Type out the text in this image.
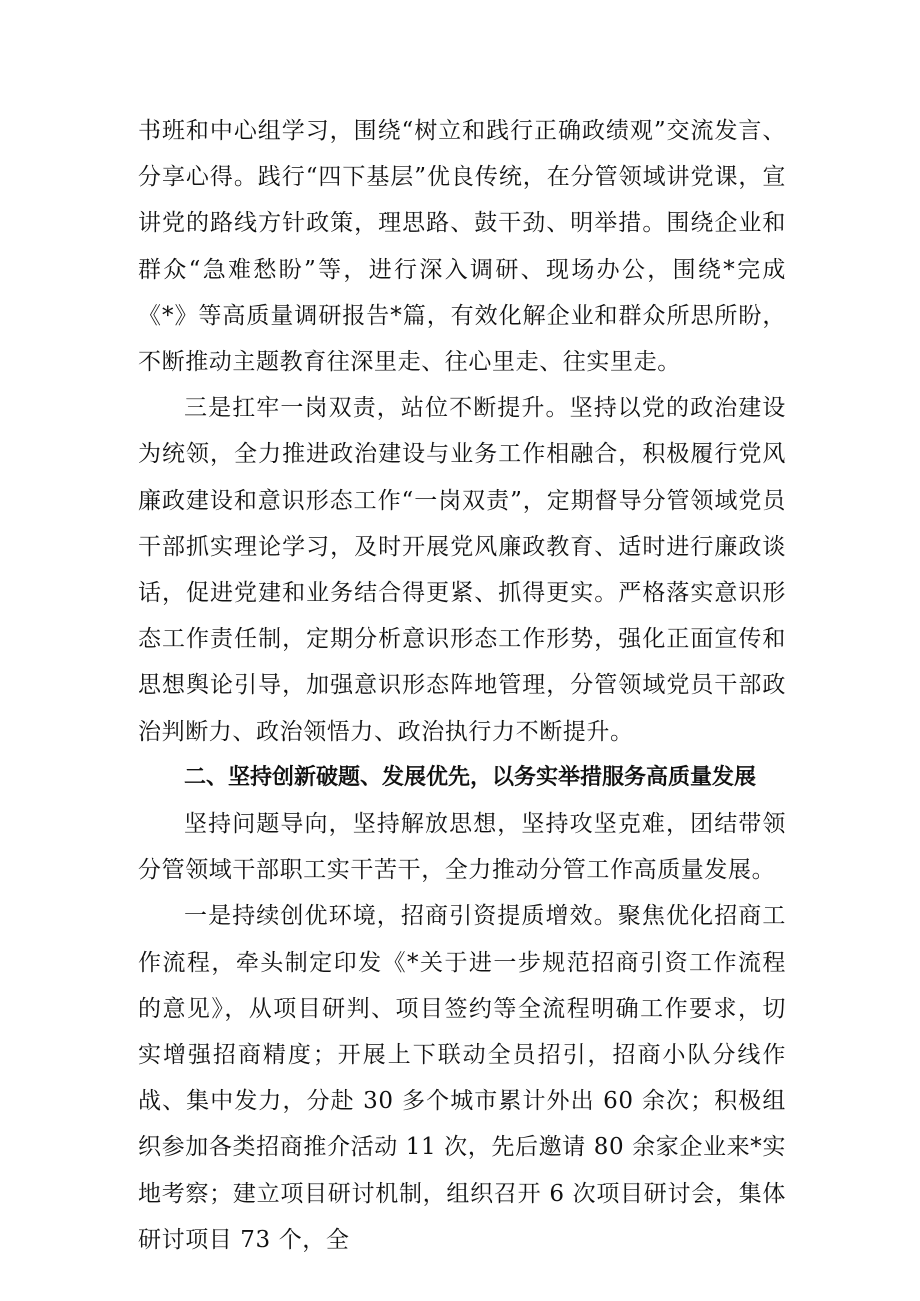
书班和中心组学习，围绕“树立和践行正确政绩观”交流发言、分享心得。践行“四下基层”优良传统，在分管领域讲党课，宣讲党的路线方针政策，理思路、鼓干劲、明举措。围绕企业和群众“急难愁盼”等，进行深入调研、现场办公，围绕*完成《*》等高质量调研报告*篇，有效化解企业和群众所思所盼，不断推动主题教育往深里走、往心里走、往实里走。

三是扛牢一岗双责，站位不断提升。坚持以党的政治建设为统领，全力推进政治建设与业务工作相融合，积极履行党风廉政建设和意识形态工作“一岗双责”，定期督导分管领域党员干部抓实理论学习，及时开展党风廉政教育、适时进行廉政谈话，促进党建和业务结合得更紧、抓得更实。严格落实意识形态工作责任制，定期分析意识形态工作形势，强化正面宣传和思想舆论引导，加强意识形态阵地管理，分管领域党员干部政治判断力、政治领悟力、政治执行力不断提升。

二、坚持创新破题、发展优先，以务实举措服务高质量发展

坚持问题导向，坚持解放思想，坚持攻坚克难，团结带领分管领域干部职工实干苦干，全力推动分管工作高质量发展。

一是持续创优环境，招商引资提质增效。聚焦优化招商工作流程，牵头制定印发《*关于进一步规范招商引资工作流程的意见》，从项目研判、项目签约等全流程明确工作要求，切实增强招商精度；开展上下联动全员招引，招商小队分线作战、集中发力，分赴 30 多个城市累计外出 60 余次；积极组织参加各类招商推介活动 11 次，先后邀请 80 余家企业来*实地考察；建立项目研讨机制，组织召开 6 次项目研讨会，集体研讨项目 73 个，全
